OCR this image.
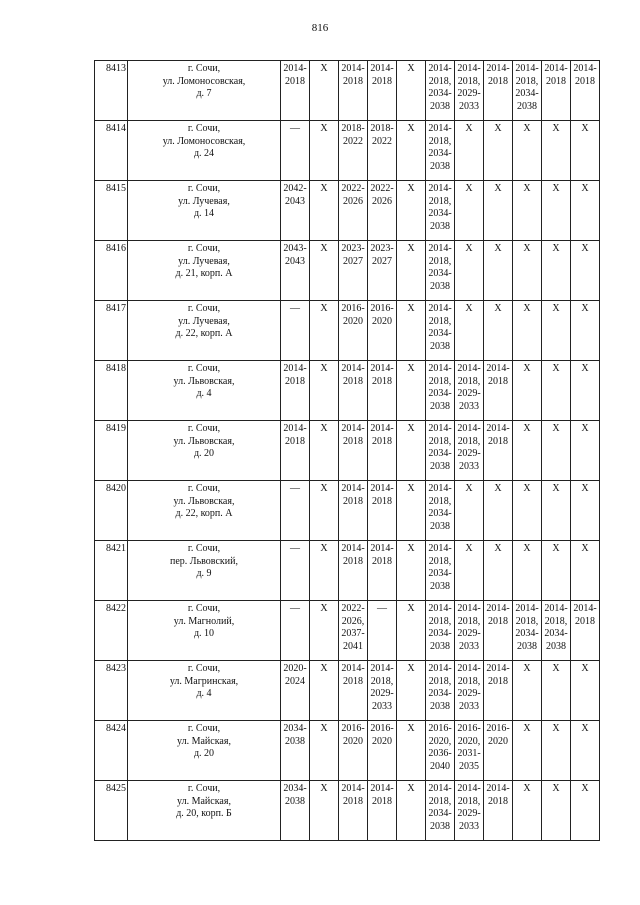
816
8413	г. Сочи,
ул. Ломоносовская,
д. 7	2014-
2018	X	2014-
2018	2014-
2018	X	2014-
2018,
2034-
2038	2014-
2018,
2029-
2033	2014-
2018	2014-
2018,
2034-
2038	2014-
2018	2014-
2018
8414	г. Сочи,
ул. Ломоносовская,
д. 24	—	X	2018-
2022	2018-
2022	X	2014-
2018,
2034-
2038	X	X	X	X	X
8415	г. Сочи,
ул. Лучевая,
д. 14	2042-
2043	X	2022-
2026	2022-
2026	X	2014-
2018,
2034-
2038	X	X	X	X	X
8416	г. Сочи,
ул. Лучевая,
д. 21, корп. А	2043-
2043	X	2023-
2027	2023-
2027	X	2014-
2018,
2034-
2038	X	X	X	X	X
8417	г. Сочи,
ул. Лучевая,
д. 22, корп. А	—	X	2016-
2020	2016-
2020	X	2014-
2018,
2034-
2038	X	X	X	X	X
8418	г. Сочи,
ул. Львовская,
д. 4	2014-
2018	X	2014-
2018	2014-
2018	X	2014-
2018,
2034-
2038	2014-
2018,
2029-
2033	2014-
2018	X	X	X
8419	г. Сочи,
ул. Львовская,
д. 20	2014-
2018	X	2014-
2018	2014-
2018	X	2014-
2018,
2034-
2038	2014-
2018,
2029-
2033	2014-
2018	X	X	X
8420	г. Сочи,
ул. Львовская,
д. 22, корп. А	—	X	2014-
2018	2014-
2018	X	2014-
2018,
2034-
2038	X	X	X	X	X
8421	г. Сочи,
пер. Львовский,
д. 9	—	X	2014-
2018	2014-
2018	X	2014-
2018,
2034-
2038	X	X	X	X	X
8422	г. Сочи,
ул. Магнолий,
д. 10	—	X	2022-
2026,
2037-
2041	—	X	2014-
2018,
2034-
2038	2014-
2018,
2029-
2033	2014-
2018	2014-
2018,
2034-
2038	2014-
2018,
2034-
2038	2014-
2018
8423	г. Сочи,
ул. Магринская,
д. 4	2020-
2024	X	2014-
2018	2014-
2018,
2029-
2033	X	2014-
2018,
2034-
2038	2014-
2018,
2029-
2033	2014-
2018	X	X	X
8424	г. Сочи,
ул. Майская,
д. 20	2034-
2038	X	2016-
2020	2016-
2020	X	2016-
2020,
2036-
2040	2016-
2020,
2031-
2035	2016-
2020	X	X	X
8425	г. Сочи,
ул. Майская,
д. 20, корп. Б	2034-
2038	X	2014-
2018	2014-
2018	X	2014-
2018,
2034-
2038	2014-
2018,
2029-
2033	2014-
2018	X	X	X
